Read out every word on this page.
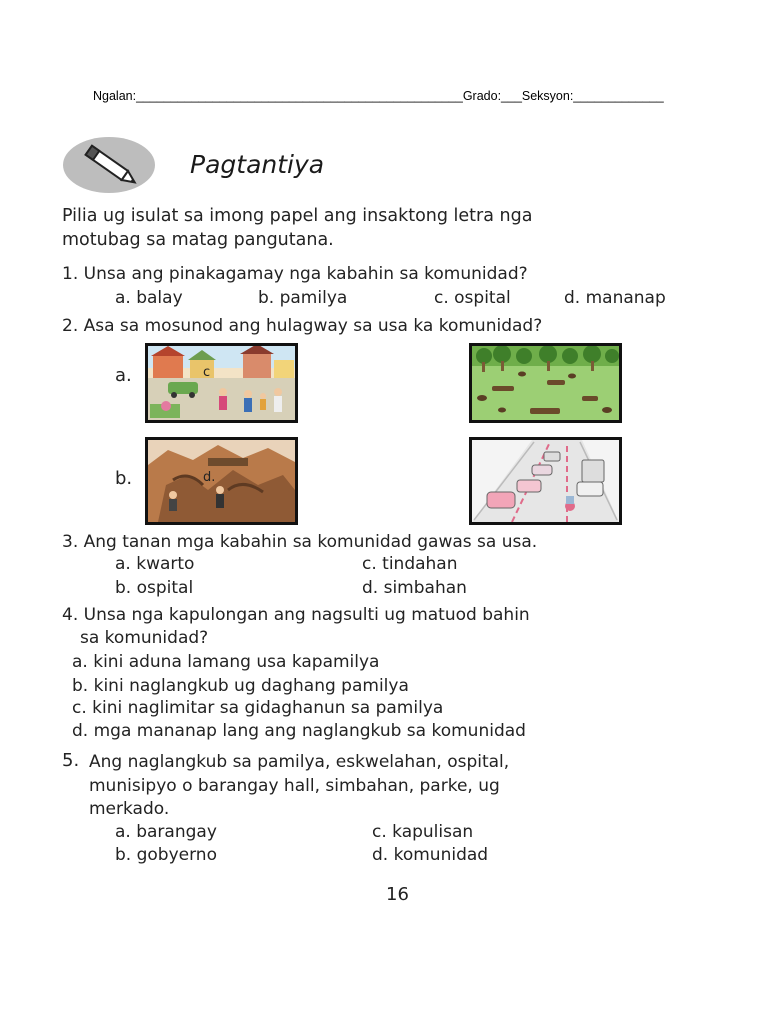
Ngalan:_______________________________________________Grado:___Seksyon:_____________
Pagtantiya
Pilia ug isulat sa imong papel ang insaktong letra nga
motubag sa matag pangutana.
1. Unsa ang pinakagamay nga kabahin sa komunidad?
a. balay	b. pamilya	c. ospital	d. mananap
2. Asa sa mosunod ang hulagway sa usa ka komunidad?
a.
b.
c
d.
3. Ang tanan mga kabahin sa komunidad gawas sa usa.
a. kwarto	c. tindahan
b. ospital	d. simbahan
4. Unsa nga kapulongan ang nagsulti ug matuod bahin
sa komunidad?
a. kini aduna lamang usa kapamilya
b. kini naglangkub ug daghang pamilya
c. kini naglimitar sa gidaghanun sa pamilya
d. mga mananap lang ang naglangkub sa komunidad
5. Ang naglangkub sa pamilya, eskwelahan, ospital,
munisipyo o barangay hall, simbahan, parke, ug
merkado.
a. barangay	c. kapulisan
b. gobyerno	d. komunidad
16
